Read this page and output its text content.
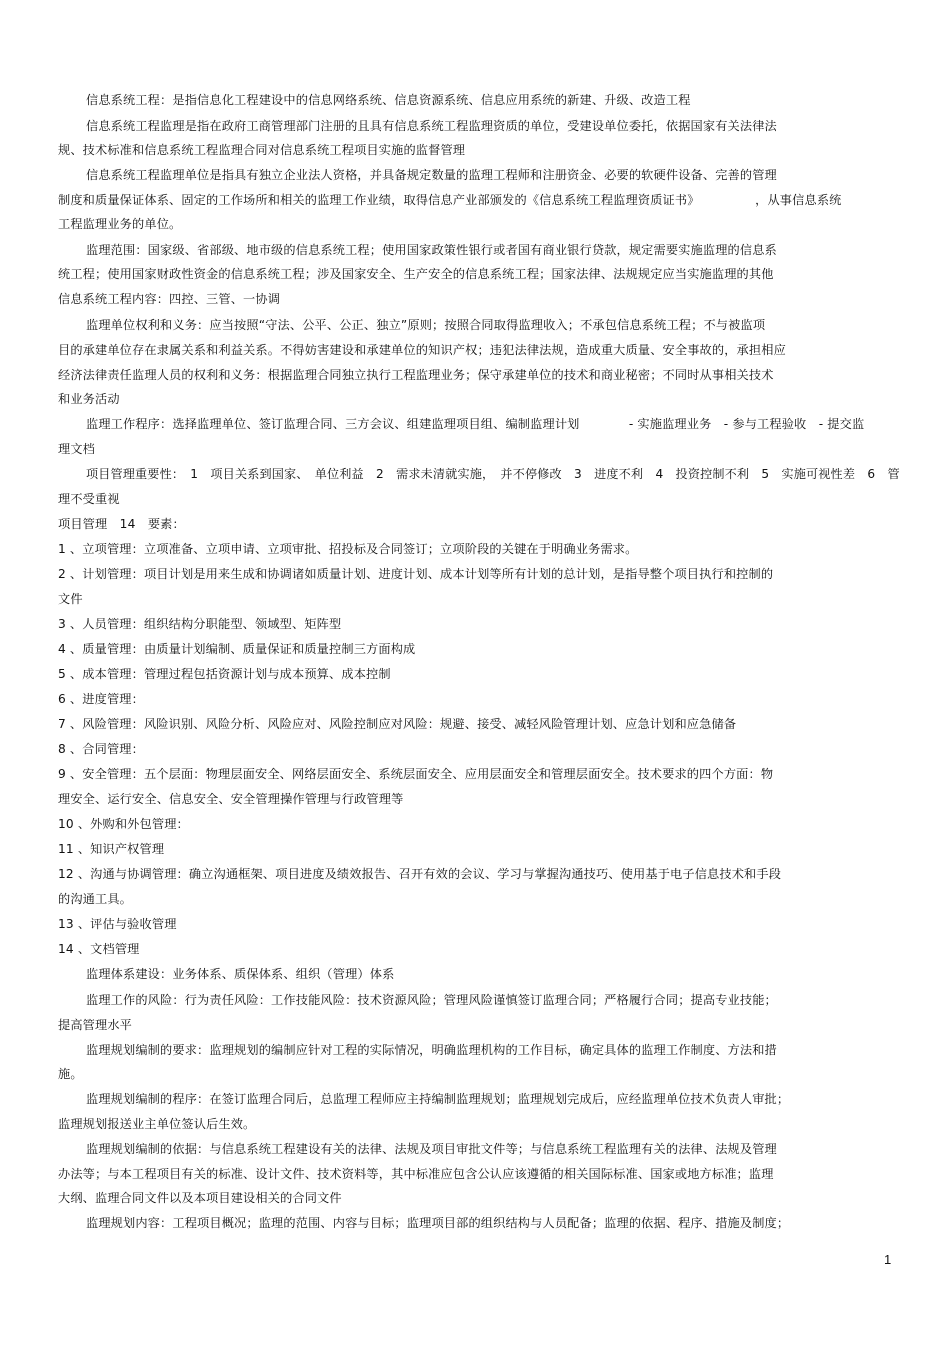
信息系统工程：是指信息化工程建设中的信息网络系统、信息资源系统、信息应用系统的新建、升级、改造工程
信息系统工程监理是指在政府工商管理部门注册的且具有信息系统工程监理资质的单位，受建设单位委托，依据国家有关法律法
规、技术标准和信息系统工程监理合同对信息系统工程项目实施的监督管理
信息系统工程监理单位是指具有独立企业法人资格，并具备规定数量的监理工程师和注册资金、必要的软硬件设备、完善的管理
制度和质量保证体系、固定的工作场所和相关的监理工作业绩，取得信息产业部颁发的《信息系统工程监理资质证书》　　　　　，从事信息系统
工程监理业务的单位。
监理范围：国家级、省部级、地市级的信息系统工程；使用国家政策性银行或者国有商业银行贷款，规定需要实施监理的信息系
统工程；使用国家财政性资金的信息系统工程；涉及国家安全、生产安全的信息系统工程；国家法律、法规规定应当实施监理的其他
信息系统工程内容：四控、三管、一协调
监理单位权利和义务：应当按照“守法、公平、公正、独立”原则；按照合同取得监理收入；不承包信息系统工程；不与被监项
目的承建单位存在隶属关系和利益关系。不得妨害建设和承建单位的知识产权；违犯法律法规，造成重大质量、安全事故的，承担相应
经济法律责任监理人员的权利和义务：根据监理合同独立执行工程监理业务；保守承建单位的技术和商业秘密；不同时从事相关技术
和业务活动
监理工作程序：选择监理单位、签订监理合同、三方会议、组建监理项目组、编制监理计划　　　　- 实施监理业务　- 参与工程验收　- 提交监
理文档
项目管理重要性：　1　项目关系到国家、　单位利益　2　需求未清就实施，　并不停修改　3　进度不利　4　投资控制不利　5　实施可视性差　6　管
理不受重视
项目管理　14　要素：
1 、立项管理：立项准备、立项申请、立项审批、招投标及合同签订；立项阶段的关键在于明确业务需求。
2 、计划管理：项目计划是用来生成和协调诸如质量计划、进度计划、成本计划等所有计划的总计划，是指导整个项目执行和控制的
文件
3 、人员管理：组织结构分职能型、领域型、矩阵型
4 、质量管理：由质量计划编制、质量保证和质量控制三方面构成
5 、成本管理：管理过程包括资源计划与成本预算、成本控制
6 、进度管理：
7 、风险管理：风险识别、风险分析、风险应对、风险控制应对风险：规避、接受、减轻风险管理计划、应急计划和应急储备
8 、合同管理：
9 、安全管理：五个层面：物理层面安全、网络层面安全、系统层面安全、应用层面安全和管理层面安全。技术要求的四个方面：物
理安全、运行安全、信息安全、安全管理操作管理与行政管理等
10 、外购和外包管理：
11 、知识产权管理
12 、沟通与协调管理：确立沟通框架、项目进度及绩效报告、召开有效的会议、学习与掌握沟通技巧、使用基于电子信息技术和手段
的沟通工具。
13 、评估与验收管理
14 、文档管理
监理体系建设：业务体系、质保体系、组织（管理）体系
监理工作的风险：行为责任风险：工作技能风险：技术资源风险；管理风险谨慎签订监理合同；严格履行合同；提高专业技能；
提高管理水平
监理规划编制的要求：监理规划的编制应针对工程的实际情况，明确监理机构的工作目标，确定具体的监理工作制度、方法和措
施。
监理规划编制的程序：在签订监理合同后，总监理工程师应主持编制监理规划；监理规划完成后，应经监理单位技术负责人审批；
监理规划报送业主单位签认后生效。
监理规划编制的依据：与信息系统工程建设有关的法律、法规及项目审批文件等；与信息系统工程监理有关的法律、法规及管理
办法等；与本工程项目有关的标准、设计文件、技术资料等，其中标准应包含公认应该遵循的相关国际标准、国家或地方标准；监理
大纲、监理合同文件以及本项目建设相关的合同文件
监理规划内容：工程项目概况；监理的范围、内容与目标；监理项目部的组织结构与人员配备；监理的依据、程序、措施及制度；
1
